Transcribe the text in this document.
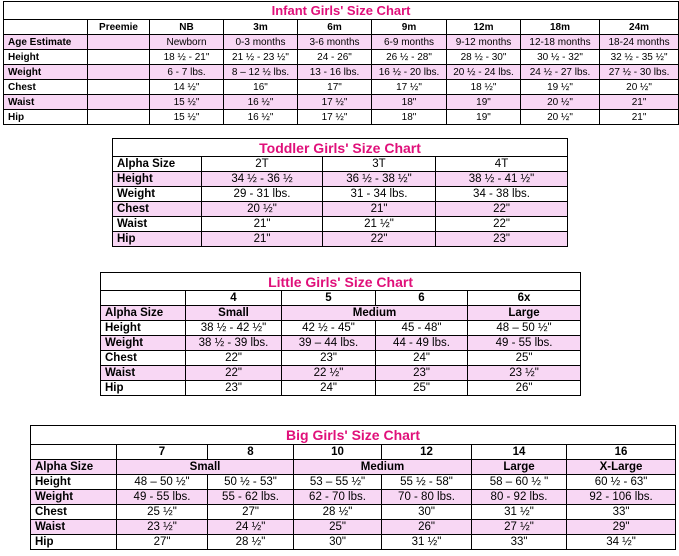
Infant Girls' Size Chart								
	Preemie	NB	3m	6m	9m	12m	18m	24m
Age Estimate		Newborn	0-3 months	3-6 months	6-9 months	9-12 months	12-18 months	18-24 months
Height		18 ½ - 21"	21 ½ - 23 ½"	24 - 26"	26 ½ - 28"	28 ½ - 30"	30 ½ - 32"	32 ½ - 35 ½"
Weight		6 - 7 lbs.	8 – 12 ½ lbs.	13 - 16 lbs.	16 ½ - 20 lbs.	20 ½ - 24 lbs.	24 ½ - 27 lbs.	27 ½ - 30 lbs.
Chest		14 ½"	16"	17"	17 ½"	18 ½"	19 ½"	20 ½"
Waist		15 ½"	16 ½"	17 ½"	18"	19"	20 ½"	21"
Hip		15 ½"	16 ½"	17 ½"	18"	19"	20 ½"	21"
Toddler Girls' Size Chart			
Alpha Size	2T	3T	4T
Height	34 ½ - 36 ½	36 ½ - 38 ½"	38 ½ - 41 ½"
Weight	29 - 31 lbs.	31 - 34 lbs.	34 - 38 lbs.
Chest	20 ½"	21"	22"
Waist	21"	21 ½"	22"
Hip	21"	22"	23"
Little Girls' Size Chart				
	4	5	6	6x
Alpha Size	Small	Medium		Large
Height	38 ½ - 42 ½"	42 ½ - 45"	45 - 48"	48 – 50 ½"
Weight	38 ½ - 39 lbs.	39 – 44 lbs.	44 - 49 lbs.	49 - 55 lbs.
Chest	22"	23"	24"	25"
Waist	22"	22 ½"	23"	23 ½"
Hip	23"	24"	25"	26"
Big Girls' Size Chart						
	7	8	10	12	14	16
Alpha Size	Small		Medium		Large	X-Large
Height	48 – 50 ½"	50 ½ - 53"	53 – 55 ½"	55 ½ - 58"	58 – 60 ½ "	60 ½ - 63"
Weight	49 - 55 lbs.	55 - 62 lbs.	62 - 70 lbs.	70 - 80 lbs.	80 - 92 lbs.	92 - 106 lbs.
Chest	25 ½"	27"	28 ½"	30"	31 ½"	33"
Waist	23 ½"	24 ½"	25"	26"	27 ½"	29"
Hip	27"	28 ½"	30"	31 ½"	33"	34 ½"
